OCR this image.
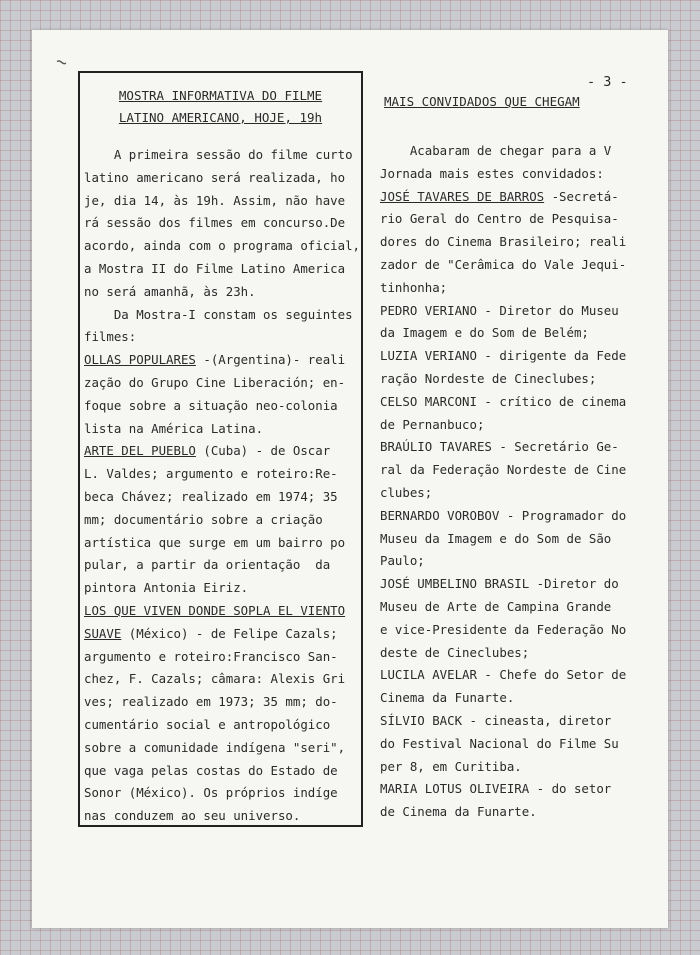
∼
- 3 -
MOSTRA INFORMATIVA DO FILME
LATINO AMERICANO, HOJE, 19h
A primeira sessão do filme curto
latino americano será realizada, ho
je, dia 14, às 19h. Assim, não have
rá sessão dos filmes em concurso.De
acordo, ainda com o programa oficial,
a Mostra II do Filme Latino America
no será amanhã, às 23h.
Da Mostra-I constam os seguintes
filmes:
OLLAS POPULARES -(Argentina)- reali
zação do Grupo Cine Liberación; en-
foque sobre a situação neo-colonia
lista na América Latina.
ARTE DEL PUEBLO (Cuba) - de Oscar
L. Valdes; argumento e roteiro:Re-
beca Chávez; realizado em 1974; 35
mm; documentário sobre a criação
artística que surge em um bairro po
pular, a partir da orientação  da
pintora Antonia Eiriz.
LOS QUE VIVEN DONDE SOPLA EL VIENTO
SUAVE (México) - de Felipe Cazals;
argumento e roteiro:Francisco San-
chez, F. Cazals; câmara: Alexis Gri
ves; realizado em 1973; 35 mm; do-
cumentário social e antropológico
sobre a comunidade indígena "seri",
que vaga pelas costas do Estado de
Sonor (México). Os próprios indíge
nas conduzem ao seu universo.
MAIS CONVIDADOS QUE CHEGAM
Acabaram de chegar para a V
Jornada mais estes convidados:
JOSÉ TAVARES DE BARROS -Secretá-
rio Geral do Centro de Pesquisa-
dores do Cinema Brasileiro; reali
zador de "Cerâmica do Vale Jequi-
tinhonha;
PEDRO VERIANO - Diretor do Museu
da Imagem e do Som de Belém;
LUZIA VERIANO - dirigente da Fede
ração Nordeste de Cineclubes;
CELSO MARCONI - crítico de cinema
de Pernanbuco;
BRAÚLIO TAVARES - Secretário Ge-
ral da Federação Nordeste de Cine
clubes;
BERNARDO VOROBOV - Programador do
Museu da Imagem e do Som de São
Paulo;
JOSÉ UMBELINO BRASIL -Diretor do
Museu de Arte de Campina Grande
e vice-Presidente da Federação No
deste de Cineclubes;
LUCILA AVELAR - Chefe do Setor de
Cinema da Funarte.
SÍLVIO BACK - cineasta, diretor
do Festival Nacional do Filme Su
per 8, em Curitiba.
MARIA LOTUS OLIVEIRA - do setor
de Cinema da Funarte.
